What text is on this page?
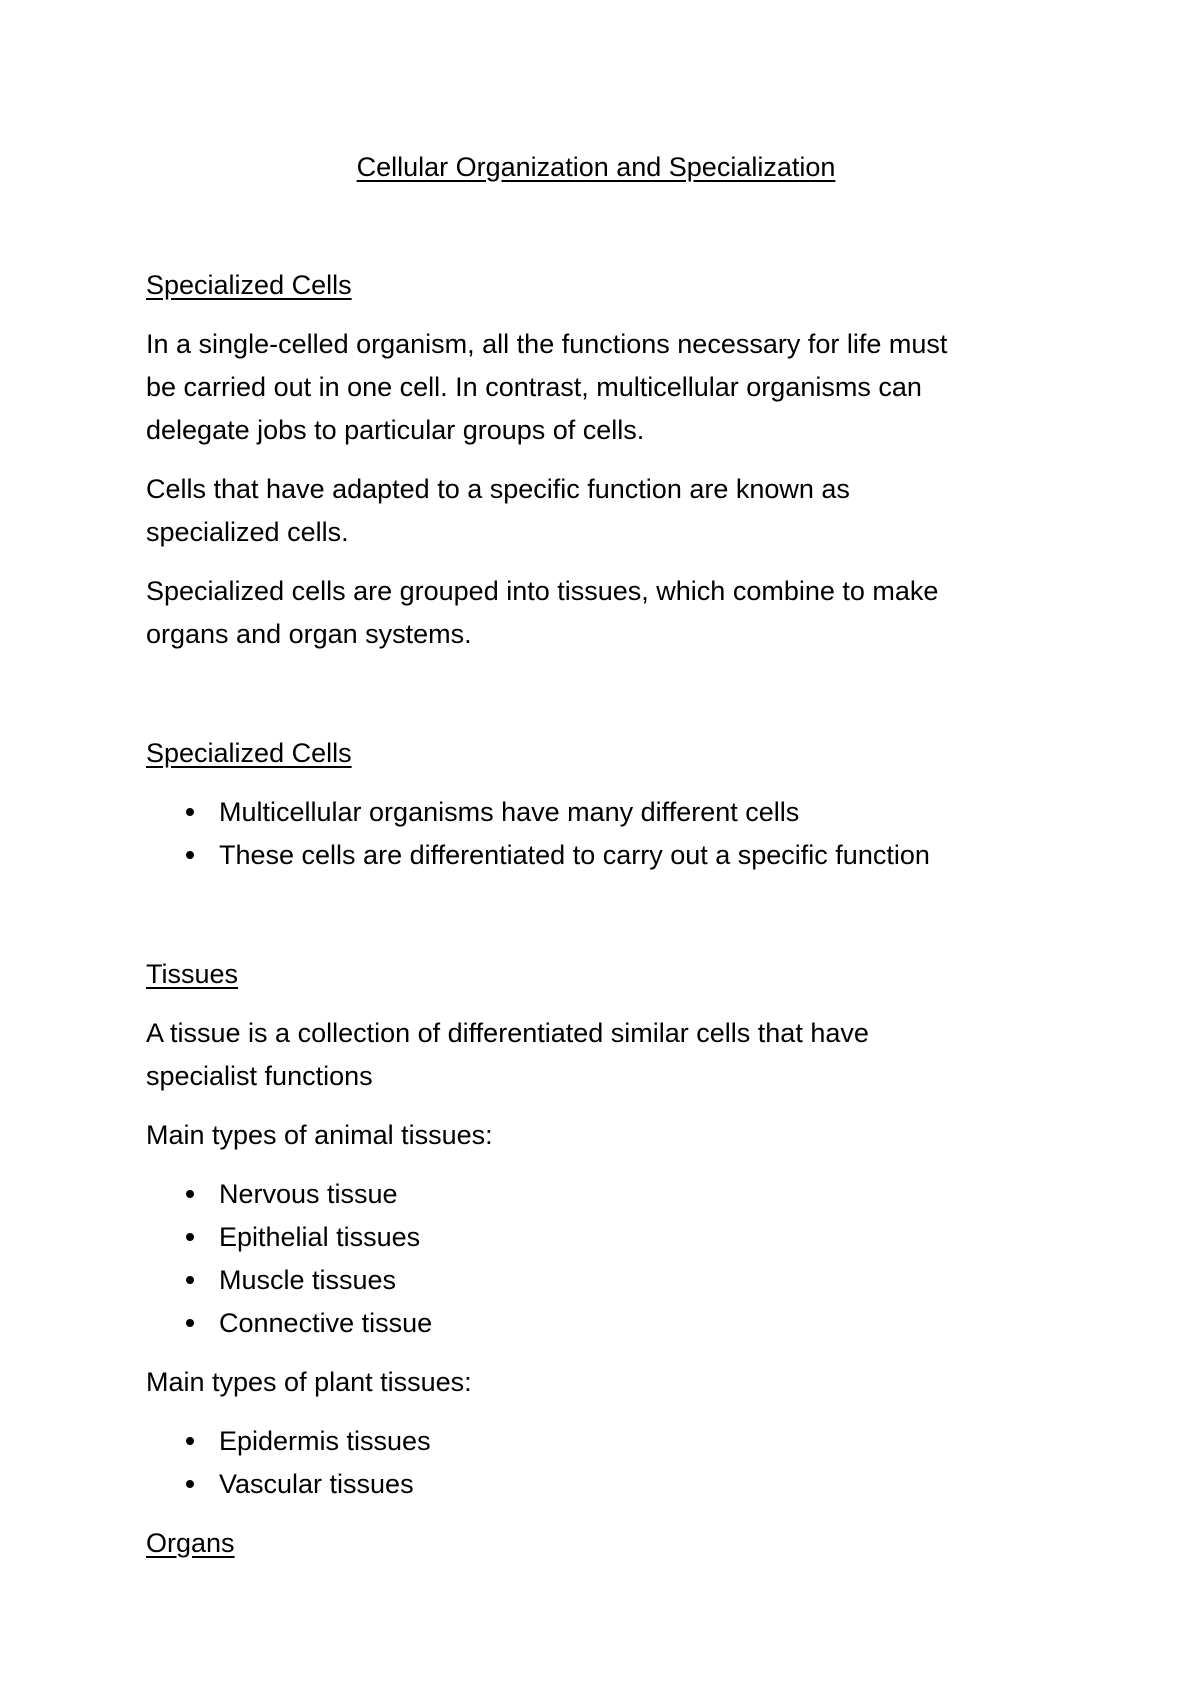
Cellular Organization and Specialization
Specialized Cells

In a single-celled organism, all the functions necessary for life must
be carried out in one cell. In contrast, multicellular organisms can
delegate jobs to particular groups of cells.

Cells that have adapted to a specific function are known as
specialized cells.

Specialized cells are grouped into tissues, which combine to make
organs and organ systems.

Specialized Cells
Multicellular organisms have many different cells
These cells are differentiated to carry out a specific function
Tissues

A tissue is a collection of differentiated similar cells that have
specialist functions

Main types of animal tissues:

Nervous tissue
Epithelial tissues
Muscle tissues
Connective tissue

Main types of plant tissues:

Epidermis tissues
Vascular tissues
Organs
